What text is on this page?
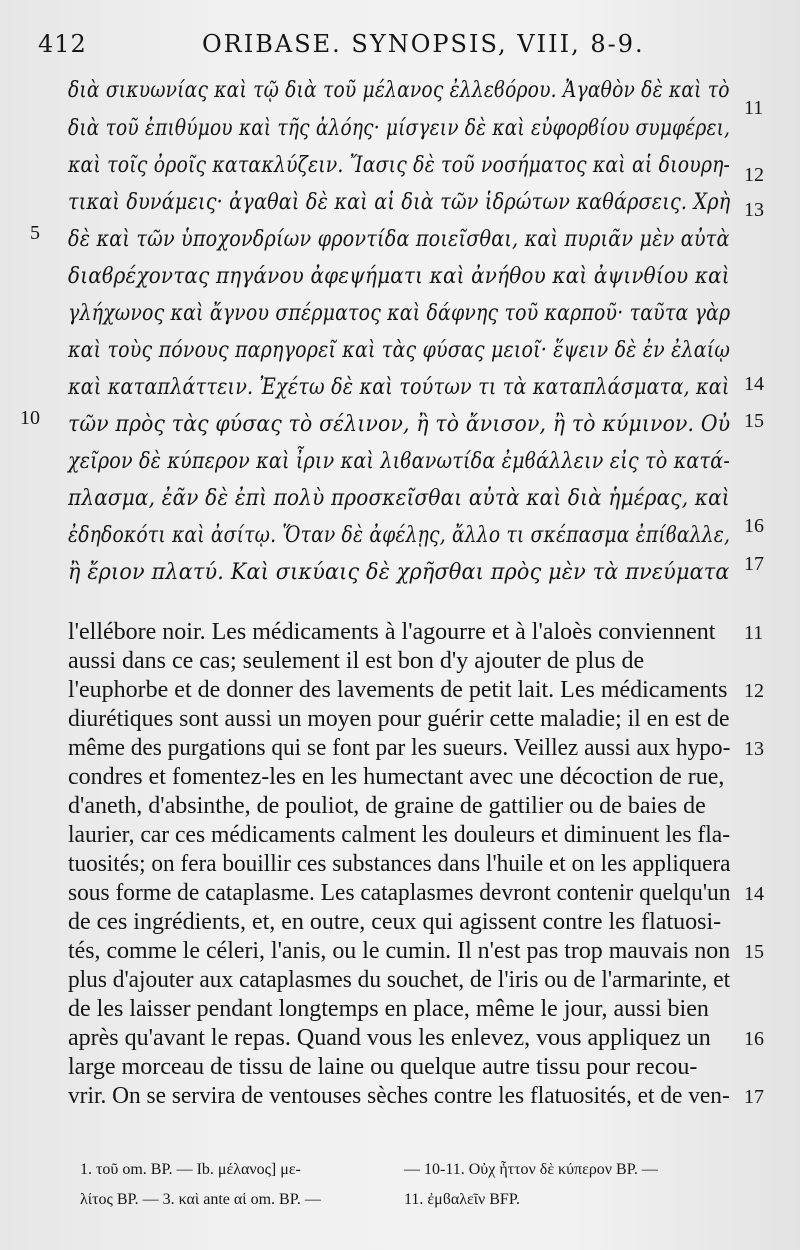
412	ORIBASE. SYNOPSIS, VIII, 8-9.
διὰ σικυωνίας καὶ τῷ διὰ τοῦ μέλανος ἐλλεϐόρου. Ἀγαθὸν δὲ καὶ τὸ
διὰ τοῦ ἐπιθύμου καὶ τῆς ἀλόης· μίσγειν δὲ καὶ εὐφορϐίου συμφέρει,
καὶ τοῖς ὀροῖς κατακλύζειν. Ἴασις δὲ τοῦ νοσήματος καὶ αἱ διουρη-
τικαὶ δυνάμεις· ἀγαθαὶ δὲ καὶ αἱ διὰ τῶν ἱδρώτων καθάρσεις. Χρὴ
δὲ καὶ τῶν ὑποχονδρίων φροντίδα ποιεῖσθαι, καὶ πυριᾶν μὲν αὐτὰ
διαϐρέχοντας πηγάνου ἀφεψήματι καὶ ἀνήθου καὶ ἀψινθίου καὶ
γλήχωνος καὶ ἄγνου σπέρματος καὶ δάφνης τοῦ καρποῦ· ταῦτα γὰρ
καὶ τοὺς πόνους παρηγορεῖ καὶ τὰς φύσας μειοῖ· ἕψειν δὲ ἐν ἐλαίῳ
καὶ καταπλάττειν. Ἐχέτω δὲ καὶ τούτων τι τὰ καταπλάσματα, καὶ
τῶν πρὸς τὰς φύσας τὸ σέλινον, ἢ τὸ ἄνισον, ἢ τὸ κύμινον. Οὐ
χεῖρον δὲ κύπερον καὶ ἶριν καὶ λιϐανωτίδα ἐμϐάλλειν εἰς τὸ κατά-
πλασμα, ἐᾶν δὲ ἐπὶ πολὺ προσκεῖσθαι αὐτὰ καὶ διὰ ἡμέρας, καὶ
ἐδηδοκότι καὶ ἀσίτῳ. Ὅταν δὲ ἀφέλῃς, ἄλλο τι σκέπασμα ἐπίϐαλλε,
ἢ ἔριον πλατύ. Καὶ σικύαις δὲ χρῆσθαι πρὸς μὲν τὰ πνεύματα
5
10
11
12
13
14
15
16
17
l'ellébore noir. Les médicaments à l'agourre et à l'aloès conviennent
aussi dans ce cas; seulement il est bon d'y ajouter de plus de
l'euphorbe et de donner des lavements de petit lait. Les médicaments
diurétiques sont aussi un moyen pour guérir cette maladie; il en est de
même des purgations qui se font par les sueurs. Veillez aussi aux hypo-
condres et fomentez-les en les humectant avec une décoction de rue,
d'aneth, d'absinthe, de pouliot, de graine de gattilier ou de baies de
laurier, car ces médicaments calment les douleurs et diminuent les fla-
tuosités; on fera bouillir ces substances dans l'huile et on les appliquera
sous forme de cataplasme. Les cataplasmes devront contenir quelqu'un
de ces ingrédients, et, en outre, ceux qui agissent contre les flatuosi-
tés, comme le céleri, l'anis, ou le cumin. Il n'est pas trop mauvais non
plus d'ajouter aux cataplasmes du souchet, de l'iris ou de l'armarinte, et
de les laisser pendant longtemps en place, même le jour, aussi bien
après qu'avant le repas. Quand vous les enlevez, vous appliquez un
large morceau de tissu de laine ou quelque autre tissu pour recou-
vrir. On se servira de ventouses sèches contre les flatuosités, et de ven-
11
12
13
14
15
16
17
1. τοῦ om. BP. — Ib. μέλανος] με-
λίτος BP. — 3. καὶ ante αἱ om. BP. —
— 10-11. Οὐχ ἧττον δὲ κύπερον BP. —
11. ἐμϐαλεῖν BFP.
